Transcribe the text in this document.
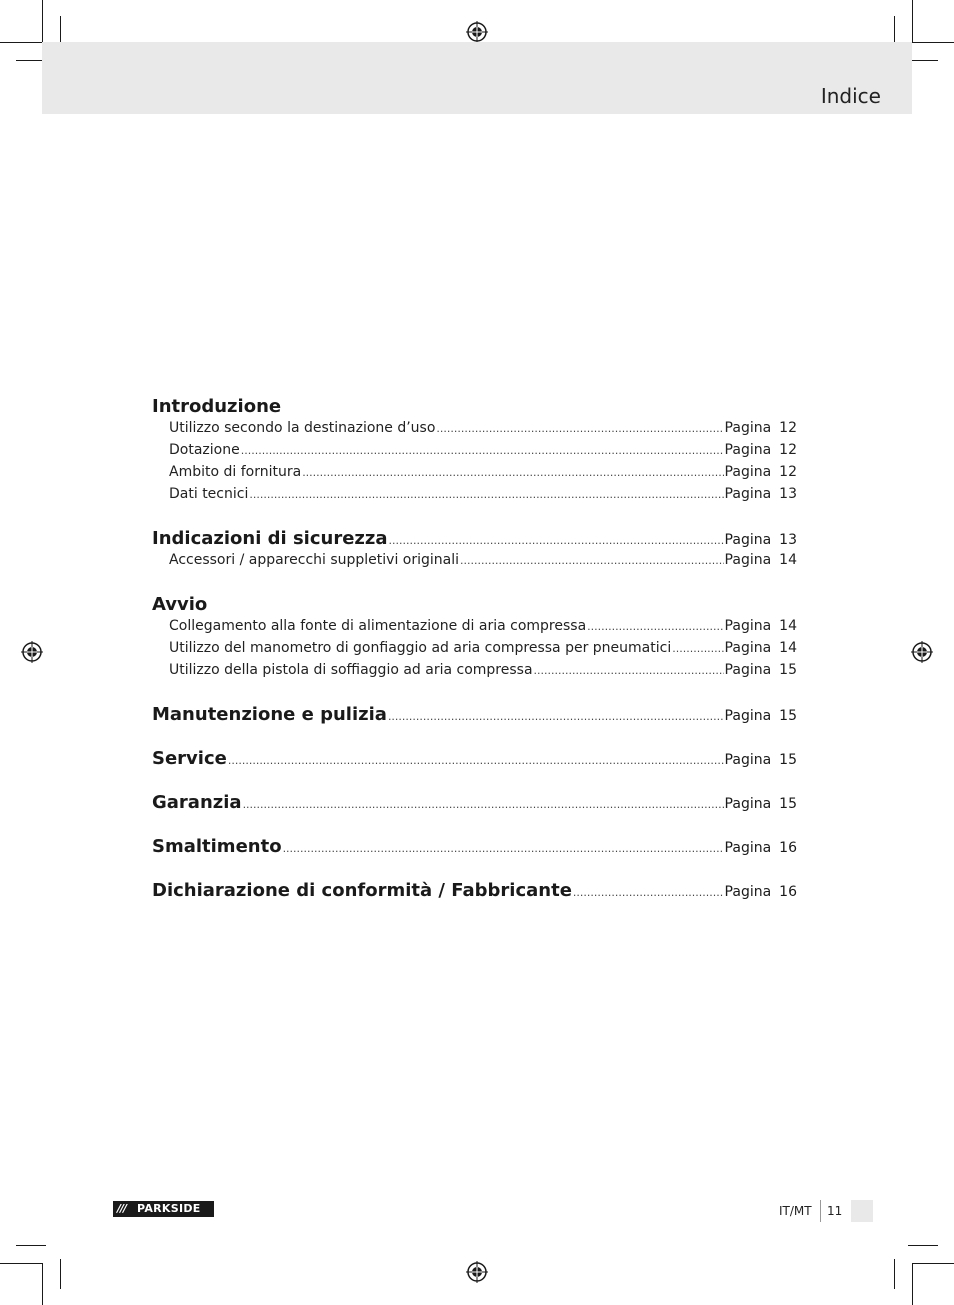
Indice
Introduzione
Utilizzo secondo la destinazione d’uso .....	Pagina 12
Dotazione .....	Pagina 12
Ambito di fornitura .....	Pagina 12
Dati tecnici .....	Pagina 13
Indicazioni di sicurezza .....	Pagina 13
Accessori / apparecchi suppletivi originali .....	Pagina 14
Avvio
Collegamento alla fonte di alimentazione di aria compressa .....	Pagina 14
Utilizzo del manometro di gonfiaggio ad aria compressa per pneumatici .....	Pagina 14
Utilizzo della pistola di soffiaggio ad aria compressa .....	Pagina 15
Manutenzione e pulizia .....	Pagina 15
Service .....	Pagina 15
Garanzia .....	Pagina 15
Smaltimento .....	Pagina 16
Dichiarazione di conformità / Fabbricante .....	Pagina 16
/// PARKSIDE	IT/MT 11
